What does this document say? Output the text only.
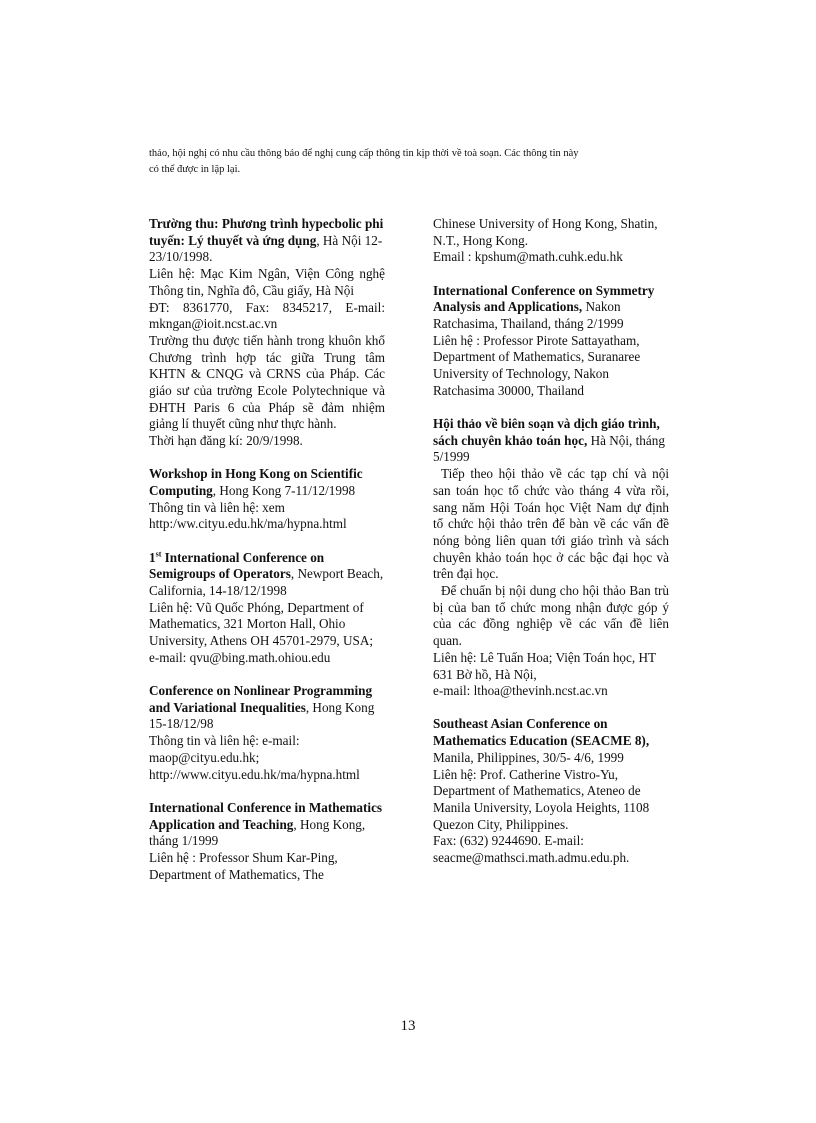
thảo, hội nghị có nhu cầu thông báo để nghị cung cấp thông tin kịp thời về toà soạn. Các thông tin này
có thể được in lặp lại.
Trường thu: Phương trình hypecbolic phi tuyến: Lý thuyết và ứng dụng, Hà Nội 12-23/10/1998.
Liên hệ: Mạc Kim Ngân, Viện Công nghệ Thông tin, Nghĩa đô, Cầu giấy, Hà Nội
ĐT: 8361770, Fax: 8345217, E-mail: mkngan@ioit.ncst.ac.vn
Trường thu được tiến hành trong khuôn khổ Chương trình hợp tác giữa Trung tâm KHTN & CNQG và CRNS của Pháp. Các giáo sư của trường Ecole Polytechnique và ĐHTH Paris 6 của Pháp sẽ đảm nhiệm giảng lí thuyết cũng như thực hành.
Thời hạn đăng kí: 20/9/1998.
Workshop in Hong Kong on Scientific Computing, Hong Kong 7-11/12/1998
Thông tin và liên hệ: xem
http:/ww.cityu.edu.hk/ma/hypna.html
1st International Conference on Semigroups of Operators, Newport Beach, California, 14-18/12/1998
Liên hệ: Vũ Quốc Phóng, Department of Mathematics, 321 Morton Hall, Ohio University, Athens OH 45701-2979, USA; e-mail: qvu@bing.math.ohiou.edu
Conference on Nonlinear Programming and Variational Inequalities, Hong Kong 15-18/12/98
Thông tin và liên hệ: e-mail: maop@cityu.edu.hk;
http://www.cityu.edu.hk/ma/hypna.html
International Conference in Mathematics Application and Teaching, Hong Kong, tháng 1/1999
Liên hệ : Professor Shum Kar-Ping, Department of Mathematics, The
Chinese University of Hong Kong, Shatin, N.T., Hong Kong.
Email : kpshum@math.cuhk.edu.hk
International Conference on Symmetry Analysis and Applications, Nakon Ratchasima, Thailand, tháng 2/1999
Liên hệ : Professor Pirote Sattayatham, Department of Mathematics, Suranaree University of Technology, Nakon Ratchasima 30000, Thailand
Hội thảo về biên soạn và dịch giáo trình, sách chuyên khảo toán học, Hà Nội, tháng 5/1999
Tiếp theo hội thảo về các tạp chí và nội san toán học tổ chức vào tháng 4 vừa rồi, sang năm Hội Toán học Việt Nam dự định tổ chức hội thảo trên để bàn về các vấn đề nóng bỏng liên quan tới giáo trình và sách chuyên khảo toán học ở các bậc đại học và trên đại học.
Để chuẩn bị nội dung cho hội thảo Ban trù bị của ban tổ chức mong nhận được góp ý của các đồng nghiệp về các vấn đề liên quan.
Liên hệ: Lê Tuấn Hoa; Viện Toán học, HT 631 Bờ hồ, Hà Nội,
e-mail: lthoa@thevinh.ncst.ac.vn
Southeast Asian Conference on Mathematics Education (SEACME 8), Manila, Philippines, 30/5- 4/6, 1999
Liên hệ: Prof. Catherine Vistro-Yu, Department of Mathematics, Ateneo de Manila University, Loyola Heights, 1108 Quezon City, Philippines.
Fax: (632) 9244690. E-mail: seacme@mathsci.math.admu.edu.ph.
13
